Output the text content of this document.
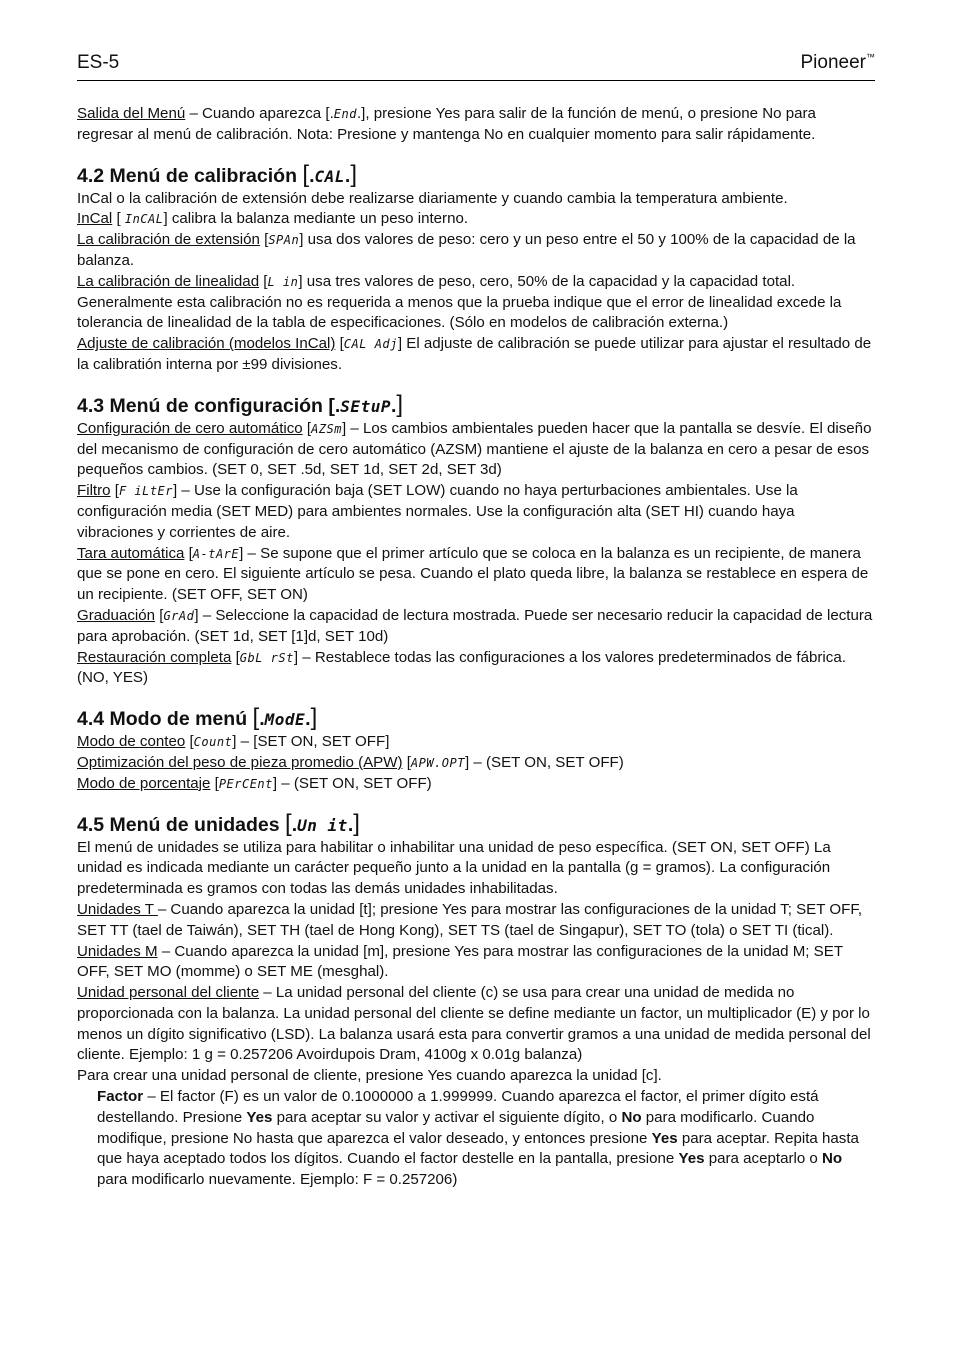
ES-5	Pioneer™

Salida del Menú – Cuando aparezca [.End.], presione Yes para salir de la función de menú, o presione No para regresar al menú de calibración. Nota: Presione y mantenga No en cualquier momento para salir rápidamente.

4.2 Menú de calibración [.CAL.]

InCal o la calibración de extensión debe realizarse diariamente y cuando cambia la temperatura ambiente.

InCal [ InCAL] calibra la balanza mediante un peso interno.

La calibración de extensión [SPAn] usa dos valores de peso: cero y un peso entre el 50 y 100% de la capacidad de la balanza.

La calibración de linealidad [L in] usa tres valores de peso, cero, 50% de la capacidad y la capacidad total. Generalmente esta calibración no es requerida a menos que la prueba indique que el error de linealidad excede la tolerancia de linealidad de la tabla de especificaciones. (Sólo en modelos de calibración externa.)

Adjuste de calibración (modelos InCal) [CAL Adj] El adjuste de calibración se puede utilizar para ajustar el resultado de la calibratión interna por ±99 divisiones.

4.3 Menú de configuración [.SEtuP.]

Configuración de cero automático [AZSm] – Los cambios ambientales pueden hacer que la pantalla se desvíe. El diseño del mecanismo de configuración de cero automático (AZSM) mantiene el ajuste de la balanza en cero a pesar de esos pequeños cambios. (SET 0, SET .5d, SET 1d, SET 2d, SET 3d)

Filtro [F iLtEr] – Use la configuración baja (SET LOW) cuando no haya perturbaciones ambientales. Use la configuración media (SET MED) para ambientes normales. Use la configuración alta (SET HI) cuando haya vibraciones y corrientes de aire.

Tara automática [A-tArE] – Se supone que el primer artículo que se coloca en la balanza es un recipiente, de manera que se pone en cero. El siguiente artículo se pesa. Cuando el plato queda libre, la balanza se restablece en espera de un recipiente. (SET OFF, SET ON)

Graduación [GrAd] – Seleccione la capacidad de lectura mostrada. Puede ser necesario reducir la capacidad de lectura para aprobación. (SET 1d, SET [1]d, SET 10d)

Restauración completa [GbL rSt] – Restablece todas las configuraciones a los valores predeterminados de fábrica. (NO, YES)

4.4 Modo de menú [.ModE.]

Modo de conteo [Count] – [SET ON, SET OFF]

Optimización del peso de pieza promedio (APW) [APW.OPT] – (SET ON, SET OFF)

Modo de porcentaje [PErCEnt] – (SET ON, SET OFF)

4.5 Menú de unidades [.Un it.]

El menú de unidades se utiliza para habilitar o inhabilitar una unidad de peso específica. (SET ON, SET OFF) La unidad es indicada mediante un carácter pequeño junto a la unidad en la pantalla (g = gramos). La configuración predeterminada es gramos con todas las demás unidades inhabilitadas.

Unidades T – Cuando aparezca la unidad [t]; presione Yes para mostrar las configuraciones de la unidad T; SET OFF, SET TT (tael de Taiwán), SET TH (tael de Hong Kong), SET TS (tael de Singapur), SET TO (tola) o SET TI (tical).

Unidades M – Cuando aparezca la unidad [m], presione Yes para mostrar las configuraciones de la unidad M; SET OFF, SET MO (momme) o SET ME (mesghal).

Unidad personal del cliente – La unidad personal del cliente (c) se usa para crear una unidad de medida no proporcionada con la balanza. La unidad personal del cliente se define mediante un factor, un multiplicador (E) y por lo menos un dígito significativo (LSD). La balanza usará esta para convertir gramos a una unidad de medida personal del cliente. Ejemplo: 1 g = 0.257206 Avoirdupois Dram, 4100g x 0.01g balanza)

Para crear una unidad personal de cliente, presione Yes cuando aparezca la unidad [c].

Factor – El factor (F) es un valor de 0.1000000 a 1.999999. Cuando aparezca el factor, el primer dígito está destellando. Presione Yes para aceptar su valor y activar el siguiente dígito, o No para modificarlo. Cuando modifique, presione No hasta que aparezca el valor deseado, y entonces presione Yes para aceptar. Repita hasta que haya aceptado todos los dígitos. Cuando el factor destelle en la pantalla, presione Yes para aceptarlo o No para modificarlo nuevamente. Ejemplo: F = 0.257206)
